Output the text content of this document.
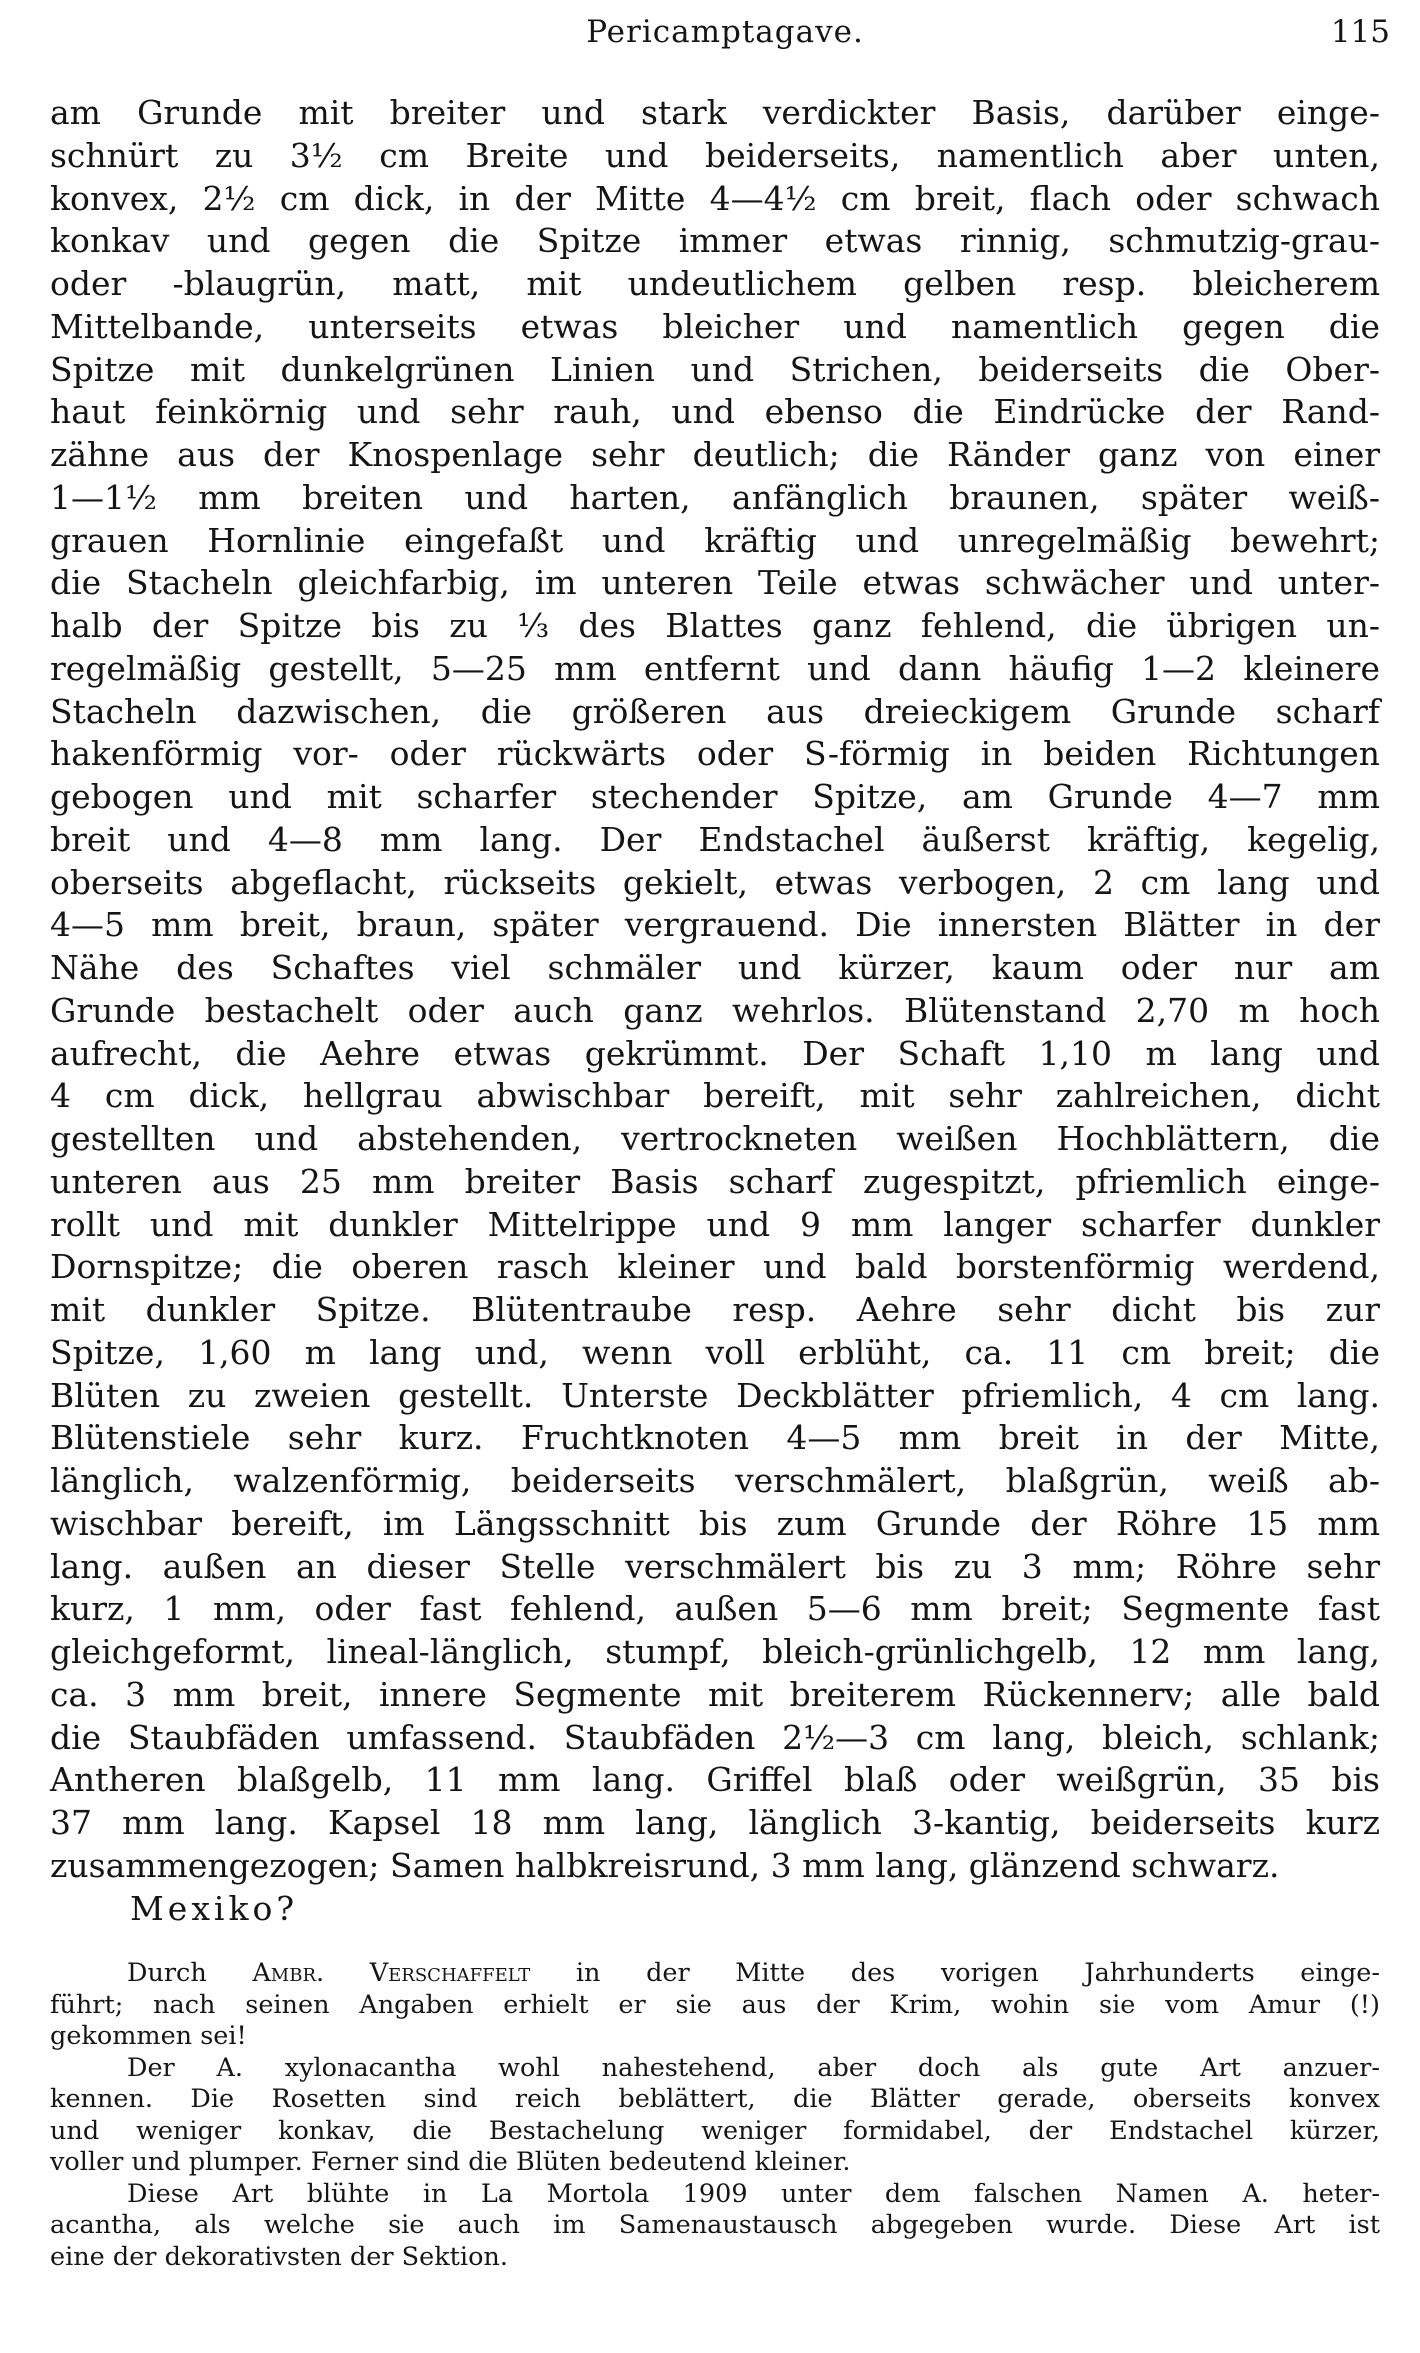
Pericamptagave.	115
am Grunde mit breiter und stark verdickter Basis, darüber einge-
schnürt zu 3½ cm Breite und beiderseits, namentlich aber unten,
konvex, 2½ cm dick, in der Mitte 4—4½ cm breit, flach oder schwach
konkav und gegen die Spitze immer etwas rinnig, schmutzig-grau-
oder -blaugrün, matt, mit undeutlichem gelben resp. bleicherem
Mittelbande, unterseits etwas bleicher und namentlich gegen die
Spitze mit dunkelgrünen Linien und Strichen, beiderseits die Ober-
haut feinkörnig und sehr rauh, und ebenso die Eindrücke der Rand-
zähne aus der Knospenlage sehr deutlich; die Ränder ganz von einer
1—1½ mm breiten und harten, anfänglich braunen, später weiß-
grauen Hornlinie eingefaßt und kräftig und unregelmäßig bewehrt;
die Stacheln gleichfarbig, im unteren Teile etwas schwächer und unter-
halb der Spitze bis zu ⅓ des Blattes ganz fehlend, die übrigen un-
regelmäßig gestellt, 5—25 mm entfernt und dann häufig 1—2 kleinere
Stacheln dazwischen, die größeren aus dreieckigem Grunde scharf
hakenförmig vor- oder rückwärts oder S-förmig in beiden Richtungen
gebogen und mit scharfer stechender Spitze, am Grunde 4—7 mm
breit und 4—8 mm lang. Der Endstachel äußerst kräftig, kegelig,
oberseits abgeflacht, rückseits gekielt, etwas verbogen, 2 cm lang und
4—5 mm breit, braun, später vergrauend. Die innersten Blätter in der
Nähe des Schaftes viel schmäler und kürzer, kaum oder nur am
Grunde bestachelt oder auch ganz wehrlos. Blütenstand 2,70 m hoch
aufrecht, die Aehre etwas gekrümmt. Der Schaft 1,10 m lang und
4 cm dick, hellgrau abwischbar bereift, mit sehr zahlreichen, dicht
gestellten und abstehenden, vertrockneten weißen Hochblättern, die
unteren aus 25 mm breiter Basis scharf zugespitzt, pfriemlich einge-
rollt und mit dunkler Mittelrippe und 9 mm langer scharfer dunkler
Dornspitze; die oberen rasch kleiner und bald borstenförmig werdend,
mit dunkler Spitze. Blütentraube resp. Aehre sehr dicht bis zur
Spitze, 1,60 m lang und, wenn voll erblüht, ca. 11 cm breit; die
Blüten zu zweien gestellt. Unterste Deckblätter pfriemlich, 4 cm lang.
Blütenstiele sehr kurz. Fruchtknoten 4—5 mm breit in der Mitte,
länglich, walzenförmig, beiderseits verschmälert, blaßgrün, weiß ab-
wischbar bereift, im Längsschnitt bis zum Grunde der Röhre 15 mm
lang. außen an dieser Stelle verschmälert bis zu 3 mm; Röhre sehr
kurz, 1 mm, oder fast fehlend, außen 5—6 mm breit; Segmente fast
gleichgeformt, lineal-länglich, stumpf, bleich-grünlichgelb, 12 mm lang,
ca. 3 mm breit, innere Segmente mit breiterem Rückennerv; alle bald
die Staubfäden umfassend. Staubfäden 2½—3 cm lang, bleich, schlank;
Antheren blaßgelb, 11 mm lang. Griffel blaß oder weißgrün, 35 bis
37 mm lang. Kapsel 18 mm lang, länglich 3-kantig, beiderseits kurz
zusammengezogen; Samen halbkreisrund, 3 mm lang, glänzend schwarz.
Mexiko?
Durch Ambr. Verschaffelt in der Mitte des vorigen Jahrhunderts einge-
führt; nach seinen Angaben erhielt er sie aus der Krim, wohin sie vom Amur (!)
gekommen sei!
Der A. xylonacantha wohl nahestehend, aber doch als gute Art anzuer-
kennen. Die Rosetten sind reich beblättert, die Blätter gerade, oberseits konvex
und weniger konkav, die Bestachelung weniger formidabel, der Endstachel kürzer,
voller und plumper. Ferner sind die Blüten bedeutend kleiner.
Diese Art blühte in La Mortola 1909 unter dem falschen Namen A. heter-
acantha, als welche sie auch im Samenaustausch abgegeben wurde. Diese Art ist
eine der dekorativsten der Sektion.
